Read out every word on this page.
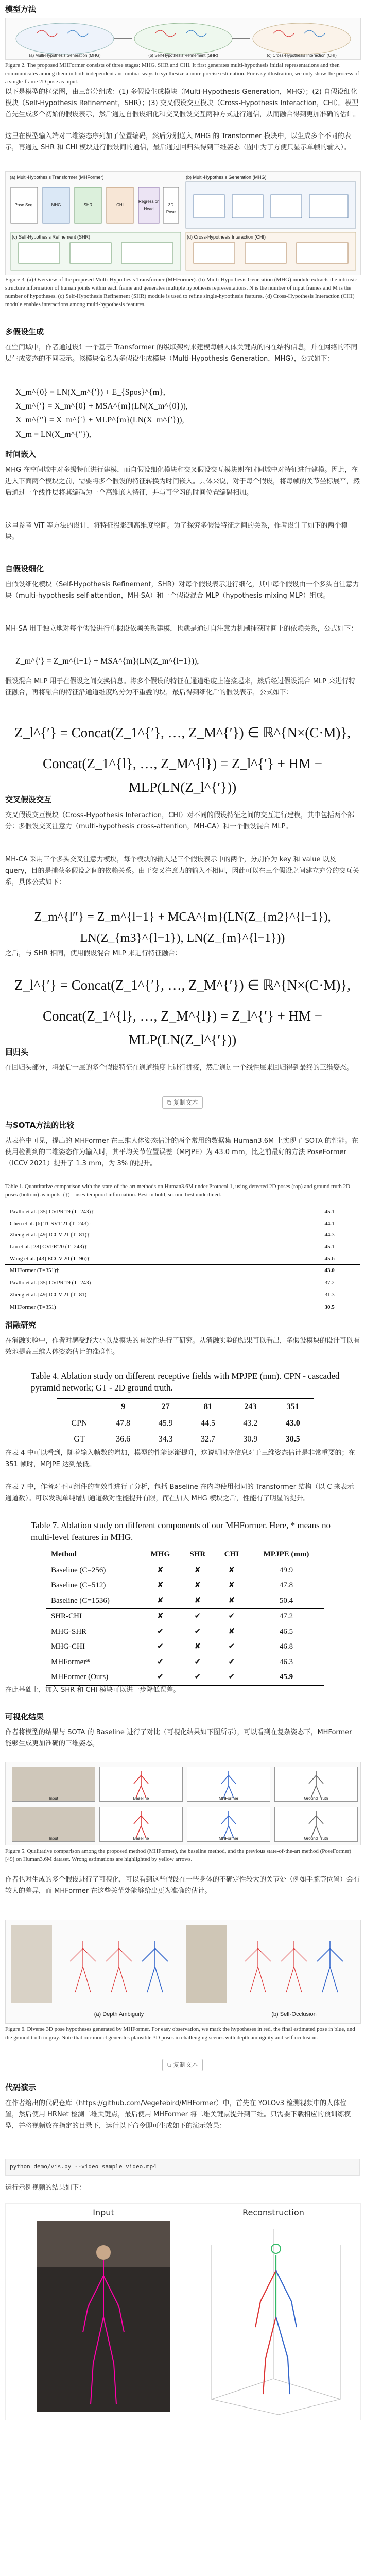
模型方法
(a) Multi-Hypothesis Generation (MHG)	(b) Self-Hypothesis Refinement (SHR)	(c) Cross-Hypothesis Interaction (CHI)
Figure 2. The proposed MHFormer consists of three stages: MHG, SHR and CHI. It first generates multi-hypothesis initial representations and then communicates among them in both independent and mutual ways to synthesize a more precise estimation. For easy illustration, we only show the process of a single-frame 2D pose as input.

以下是模型的框架图，由三部分组成：(1) 多假设生成模块（Multi-Hypothesis Generation，MHG）；(2) 自假设细化模块（Self-Hypothesis Refinement，SHR）；(3) 交叉假设交互模块（Cross-Hypothesis Interaction，CHI）。模型首先生成多个初始的假设表示，然后通过自假设细化和交叉假设交互两种方式进行通信，从而融合得到更加准确的估计。

这里在模型输入端对二维姿态序列加了位置编码，然后分别送入 MHG 的 Transformer 模块中，以生成多个不同的表示，再通过 SHR 和 CHI 模块进行假设间的通信，最后通过回归头得到三维姿态（图中为了方便只显示单帧的输入）。

(a) Multi-Hypothesis Transformer (MHFormer)	(b) Multi-Hypothesis Generation (MHG)
Pose Seq.	MHG	SHR	CHI
Regression Head
3D Pose
(c) Self-Hypothesis Refinement (SHR)	(d) Cross-Hypothesis Interaction (CHI)
Figure 3. (a) Overview of the proposed Multi-Hypothesis Transformer (MHFormer). (b) Multi-Hypothesis Generation (MHG) module extracts the intrinsic structure information of human joints within each frame and generates multiple hypothesis representations. N is the number of input frames and M is the number of hypotheses. (c) Self-Hypothesis Refinement (SHR) module is used to refine single-hypothesis features. (d) Cross-Hypothesis Interaction (CHI) module enables interactions among multi-hypothesis features.
多假设生成

在空间域中，作者通过设计一个基于 Transformer 的级联架构来建模每帧人体关键点的内在结构信息，并在网络的不同层生成姿态的不同表示。该模块命名为多假设生成模块（Multi-Hypothesis Generation，MHG），公式如下：

X_m^{0} = LN(X_m^{′}) + E_{Spos}^{m},
X_m^{′} = X_m^{0} + MSA^{m}(LN(X_m^{0})),
X_m^{′′} = X_m^{′} + MLP^{m}(LN(X_m^{′})),
X_m = LN(X_m^{′′}),
时间嵌入

MHG 在空间域中对多级特征进行建模，而自假设细化模块和交叉假设交互模块则在时间域中对特征进行建模。因此，在进入下面两个模块之前，需要将多个假设的特征转换为时间嵌入。具体来说，对于每个假设，将每帧的关节坐标展平，然后通过一个线性层将其编码为一个高维嵌入特征，并与可学习的时间位置编码相加。

这里参考 ViT 等方法的设计，将特征投影到高维度空间。为了探究多假设特征之间的关系，作者设计了如下的两个模块。

自假设细化

自假设细化模块（Self-Hypothesis Refinement，SHR）对每个假设表示进行细化，其中每个假设由一个多头自注意力块（multi-hypothesis self-attention，MH-SA）和一个假设混合 MLP（hypothesis-mixing MLP）组成。

MH-SA 用于独立地对每个假设进行单假设依赖关系建模，也就是通过自注意力机制捕获时间上的依赖关系，公式如下：

Z_m^{′} = Z_m^{l−1} + MSA^{m}(LN(Z_m^{l−1})),

假设混合 MLP 用于在假设之间交换信息。将多个假设的特征在通道维度上连接起来，然后经过假设混合 MLP 来进行特征融合，再将融合的特征沿通道维度均分为不重叠的块，最后得到细化后的假设表示，公式如下：

Z_l^{′} = Concat(Z_1^{′}, …, Z_M^{′}) ∈ ℝ^{N×(C·M)},
Concat(Z_1^{l}, …, Z_M^{l}) = Z_l^{′} + HM − MLP(LN(Z_l^{′}))
交叉假设交互

交叉假设交互模块（Cross-Hypothesis Interaction，CHI）对不同的假设特征之间的交互进行建模，其中包括两个部分：多假设交叉注意力（multi-hypothesis cross-attention，MH-CA）和一个假设混合 MLP。

MH-CA 采用三个多头交叉注意力模块，每个模块的输入是三个假设表示中的两个，分别作为 key 和 value 以及 query，目的是捕获多假设之间的依赖关系。由于交叉注意力的输入不相同，因此可以在三个假设之间建立充分的交互关系，具体公式如下：

Z_m^{l′′} = Z_m^{l−1} + MCA^{m}(LN(Z_{m2}^{l−1}), LN(Z_{m3}^{l−1}), LN(Z_{m}^{l−1}))

之后，与 SHR 相同，使用假设混合 MLP 来进行特征融合：

Z_l^{′} = Concat(Z_1^{′}, …, Z_M^{′}) ∈ ℝ^{N×(C·M)},
Concat(Z_1^{l}, …, Z_M^{l}) = Z_l^{′} + HM − MLP(LN(Z_l^{′}))
回归头

在回归头部分，将最后一层的多个假设特征在通道维度上进行拼接，然后通过一个线性层来回归得到最终的三维姿态。

⧉ 复制文本
与SOTA方法的比较

从表格中可见，提出的 MHFormer 在三维人体姿态估计的两个常用的数据集 Human3.6M 上实现了 SOTA 的性能。在使用检测到的二维姿态作为输入时，其平均关节位置误差（MPJPE）为 43.0 mm，比之前最好的方法 PoseFormer（ICCV 2021）提升了 1.3 mm，为 3% 的提升。

Table 1. Quantitative comparison with the state-of-the-art methods on Human3.6M under Protocol 1, using detected 2D poses (top) and ground truth 2D poses (bottom) as inputs. (†) – uses temporal information. Best in bold, second best underlined.
Pavllo et al. [35] CVPR'19 (T=243)†	45.1
Chen et al. [6] TCSVT'21 (T=243)†	44.1
Zheng et al. [49] ICCV'21 (T=81)†	44.3
Liu et al. [28] CVPR'20 (T=243)†	45.1
Wang et al. [43] ECCV'20 (T=96)†	45.6
MHFormer (T=351)†	43.0
Pavllo et al. [35] CVPR'19 (T=243)	37.2
Zheng et al. [49] ICCV'21 (T=81)	31.3
MHFormer (T=351)	30.5
消融研究

在消融实验中，作者对感受野大小以及模块的有效性进行了研究。从消融实验的结果可以看出，多假设模块的设计可以有效地提高三维人体姿态估计的准确性。

Table 4. Ablation study on different receptive fields with MPJPE (mm). CPN - cascaded pyramid network; GT - 2D ground truth.
	9	27	81	243	351
CPN	47.8	45.9	44.5	43.2	43.0
GT	36.6	34.3	32.7	30.9	30.5

在表 4 中可以看到，随着输入帧数的增加，模型的性能逐渐提升，这说明时序信息对于三维姿态估计是非常重要的；在 351 帧时，MPJPE 达到最低。

在表 7 中，作者对不同组件的有效性进行了分析，包括 Baseline 在内均使用相同的 Transformer 结构（以 C 来表示通道数）。可以发现单纯增加通道数对性能提升有限，而在加入 MHG 模块之后，性能有了明显的提升。

Table 7. Ablation study on different components of our MHFormer. Here, * means no multi-level features in MHG.
Method	MHG	SHR	CHI	MPJPE (mm)
Baseline (C=256)	✘	✘	✘	49.9
Baseline (C=512)	✘	✘	✘	47.8
Baseline (C=1536)	✘	✘	✘	50.4
SHR-CHI	✘	✔	✔	47.2
MHG-SHR	✔	✔	✘	46.5
MHG-CHI	✔	✘	✔	46.8
MHFormer*	✔	✔	✔	46.3
MHFormer (Ours)	✔	✔	✔	45.9

在此基础上，加入 SHR 和 CHI 模块可以进一步降低误差。

可视化结果

作者将模型的结果与 SOTA 的 Baseline 进行了对比（可视化结果如下图所示），可以看到在复杂姿态下，MHFormer 能够生成更加准确的三维姿态。

Input	Baseline	MHFormer	Ground Truth
Input	Baseline	MHFormer	Ground Truth
Figure 5. Qualitative comparison among the proposed method (MHFormer), the baseline method, and the previous state-of-the-art method (PoseFormer) [49] on Human3.6M dataset. Wrong estimations are highlighted by yellow arrows.

作者也对生成的多个假设进行了可视化，可以看到这些假设在一些身体的不确定性较大的关节处（例如手腕等位置）会有较大的差异，而 MHFormer 在这些关节处能够给出更为准确的估计。

(a) Depth Ambiguity	(b) Self-Occlusion
Figure 6. Diverse 3D pose hypotheses generated by MHFormer. For easy observation, we mark the hypotheses in red, the final estimated pose in blue, and the ground truth in gray. Note that our model generates plausible 3D poses in challenging scenes with depth ambiguity and self-occlusion.
⧉ 复制文本
代码演示

在作者给出的代码仓库（https://github.com/Vegetebird/MHFormer）中，首先在 YOLOv3 检测视频中的人体位置，然后使用 HRNet 检测二维关键点，最后使用 MHFormer 将二维关键点提升到三维。只需要下载相应的预训练模型，并将视频放在指定的目录下，运行以下命令即可生成如下的演示效果：

python demo/vis.py --video sample_video.mp4

运行示例视频的结果如下：

Input	Reconstruction
